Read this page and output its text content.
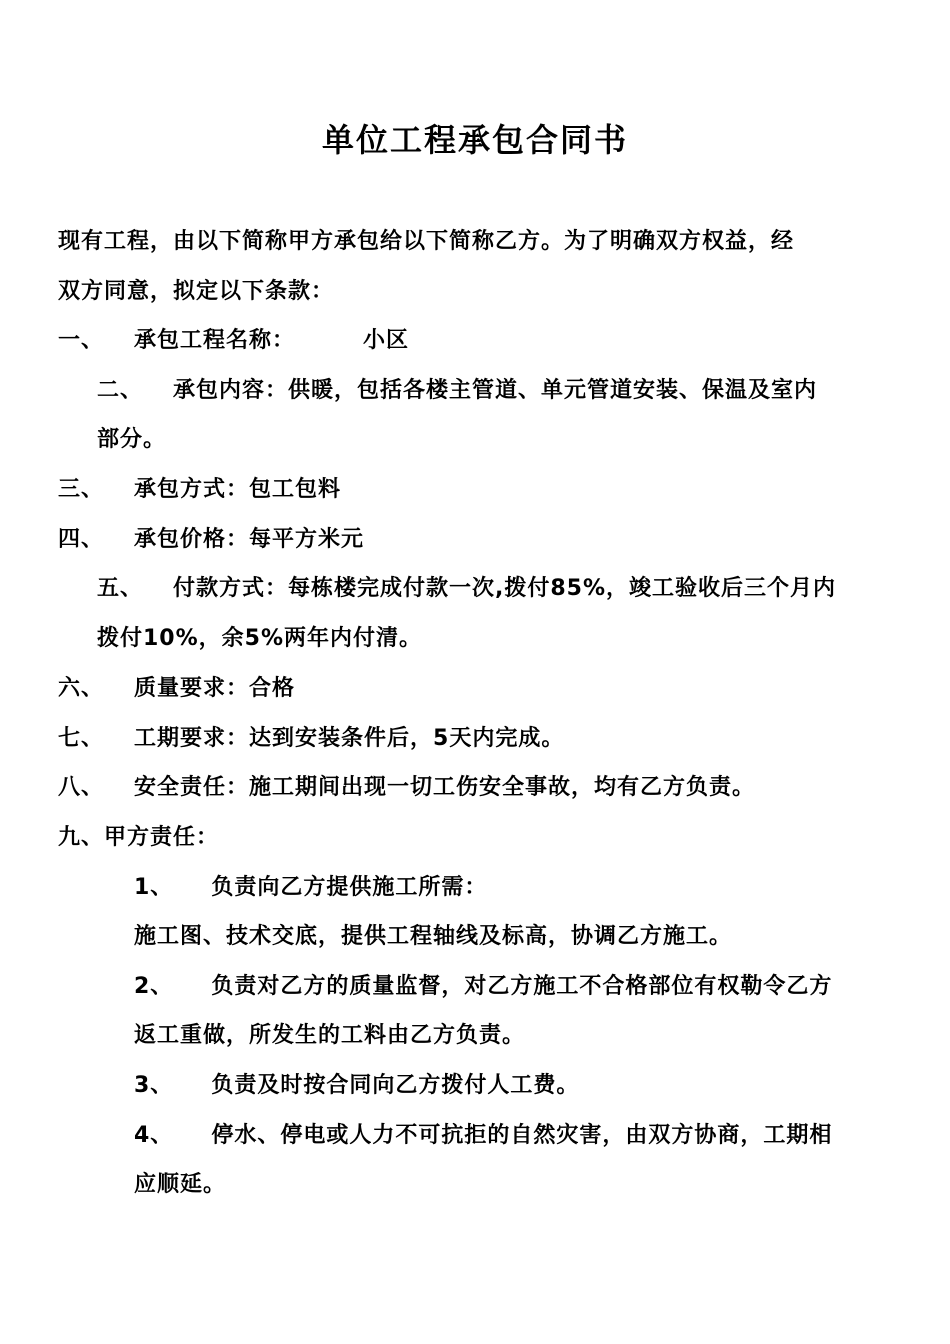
单位工程承包合同书
现有工程，由以下简称甲方承包给以下简称乙方。为了明确双方权益，经
双方同意，拟定以下条款：
一、 承包工程名称：	小区
二、 承包内容：供暖，包括各楼主管道、单元管道安装、保温及室内
部分。
三、 承包方式：包工包料
四、 承包价格：每平方米元
五、 付款方式：每栋楼完成付款一次,拨付85%，竣工验收后三个月内
拨付10%，余5%两年内付清。
六、 质量要求：合格
七、 工期要求：达到安装条件后，5天内完成。
八、 安全责任：施工期间出现一切工伤安全事故，均有乙方负责。
九、甲方责任：
1、 负责向乙方提供施工所需：
施工图、技术交底，提供工程轴线及标高，协调乙方施工。
2、 负责对乙方的质量监督，对乙方施工不合格部位有权勒令乙方
返工重做，所发生的工料由乙方负责。
3、 负责及时按合同向乙方拨付人工费。
4、 停水、停电或人力不可抗拒的自然灾害，由双方协商，工期相
应顺延。
